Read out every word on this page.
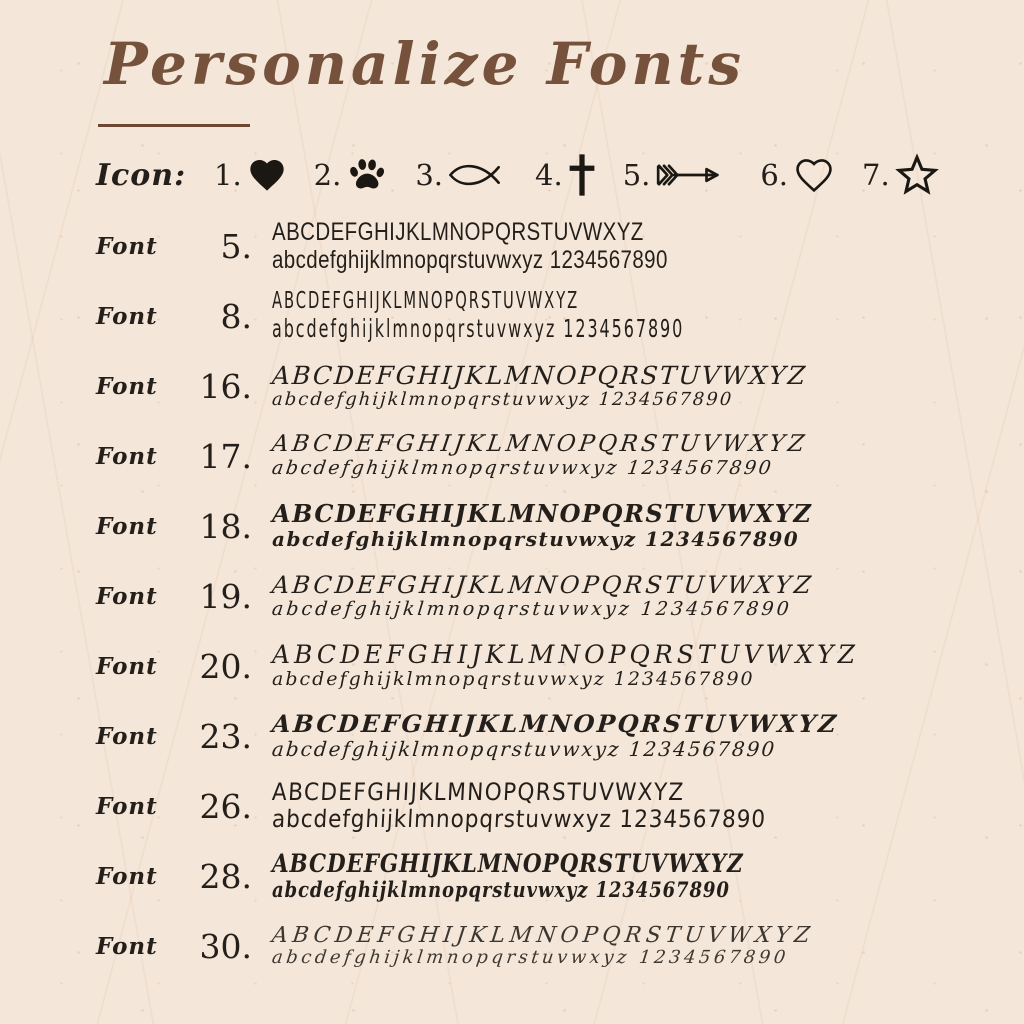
Personalize Fonts
Icon: 1. 2.	3.	4. 5.	6.	7.
Font	5. ABCDEFGHIJKLMNOPQRSTUVWXYZ
abcdefghijklmnopqrstuvwxyz 1234567890
Font	8. ABCDEFGHIJKLMNOPQRSTUVWXYZ
abcdefghijklmnopqrstuvwxyz 1234567890
Font	16. ABCDEFGHIJKLMNOPQRSTUVWXYZ
abcdefghijklmnopqrstuvwxyz 1234567890
Font	17. ABCDEFGHIJKLMNOPQRSTUVWXYZ
abcdefghijklmnopqrstuvwxyz 1234567890
Font	18. ABCDEFGHIJKLMNOPQRSTUVWXYZ
abcdefghijklmnopqrstuvwxyz 1234567890
Font	19. ABCDEFGHIJKLMNOPQRSTUVWXYZ
abcdefghijklmnopqrstuvwxyz 1234567890
Font	20. ABCDEFGHIJKLMNOPQRSTUVWXYZ
abcdefghijklmnopqrstuvwxyz 1234567890
Font	23. ABCDEFGHIJKLMNOPQRSTUVWXYZ
abcdefghijklmnopqrstuvwxyz 1234567890
Font	26. ABCDEFGHIJKLMNOPQRSTUVWXYZ
abcdefghijklmnopqrstuvwxyz 1234567890
Font	28. ABCDEFGHIJKLMNOPQRSTUVWXYZ
abcdefghijklmnopqrstuvwxyz 1234567890
Font	30. ABCDEFGHIJKLMNOPQRSTUVWXYZ
abcdefghijklmnopqrstuvwxyz 1234567890
